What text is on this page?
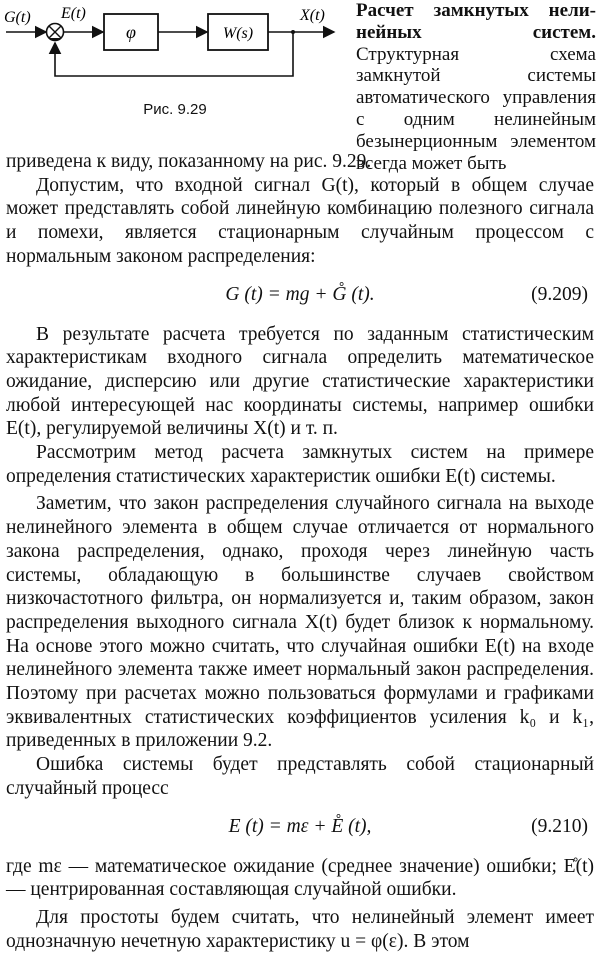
G(t) E(t)	X(t)
φ	W(s)
Рис. 9.29
Расчет замкнутых нели-нейных систем. Структурная схема замкнутой системы автоматического управления с одним нелинейным безынерционным элементом всегда может быть

приведена к виду, показанному на рис. 9.29.

Допустим, что входной сигнал G(t), который в общем случае может представлять собой линейную комбинацию полезного сигнала и помехи, является стационарным случайным процессом с нормальным законом распределения:

G (t) = mg + G̊ (t).	(9.209)

В результате расчета требуется по заданным статистическим характеристикам входного сигнала определить математическое ожидание, дисперсию или другие статистические характеристики любой интересующей нас координаты системы, например ошибки E(t), регулируемой величины X(t) и т. п.

Рассмотрим метод расчета замкнутых систем на примере определения статистических характеристик ошибки E(t) системы.

Заметим, что закон распределения случайного сигнала на выходе нелинейного элемента в общем случае отличается от нормального закона распределения, однако, проходя через линейную часть системы, обладающую в большинстве случаев свойством низкочастотного фильтра, он нормализуется и, таким образом, закон распределения выходного сигнала X(t) будет близок к нормальному. На основе этого можно считать, что случайная ошибки E(t) на входе нелинейного элемента также имеет нормальный закон распределения. Поэтому при расчетах можно пользоваться формулами и графиками эквивалентных статистических коэффициентов усиления k₀ и k₁, приведенных в приложении 9.2.

Ошибка системы будет представлять собой стационарный случайный процесс

E (t) = mε + E̊ (t),	(9.210)

где mε — математическое ожидание (среднее значение) ошибки; E̊(t) — центрированная составляющая случайной ошибки.

Для простоты будем считать, что нелинейный элемент имеет однозначную нечетную характеристику u = φ(ε). В этом
